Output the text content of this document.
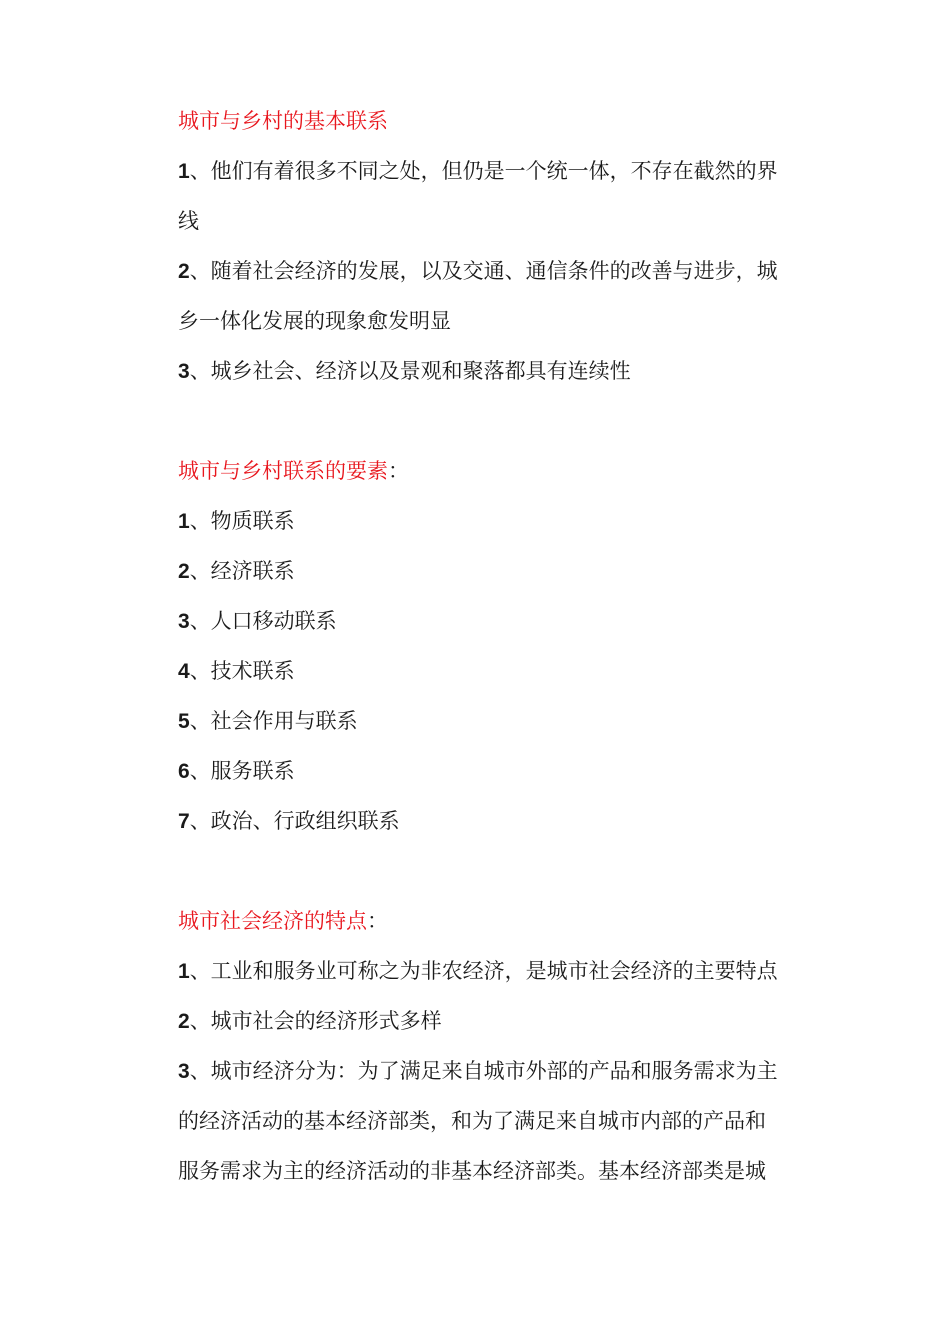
城市与乡村的基本联系

1、他们有着很多不同之处，但仍是一个统一体，不存在截然的界

线

2、随着社会经济的发展，以及交通、通信条件的改善与进步，城

乡一体化发展的现象愈发明显

3、城乡社会、经济以及景观和聚落都具有连续性

城市与乡村联系的要素：

1、物质联系

2、经济联系

3、人口移动联系

4、技术联系

5、社会作用与联系

6、服务联系

7、政治、行政组织联系

城市社会经济的特点：

1、工业和服务业可称之为非农经济，是城市社会经济的主要特点

2、城市社会的经济形式多样

3、城市经济分为：为了满足来自城市外部的产品和服务需求为主

的经济活动的基本经济部类，和为了满足来自城市内部的产品和

服务需求为主的经济活动的非基本经济部类。基本经济部类是城
